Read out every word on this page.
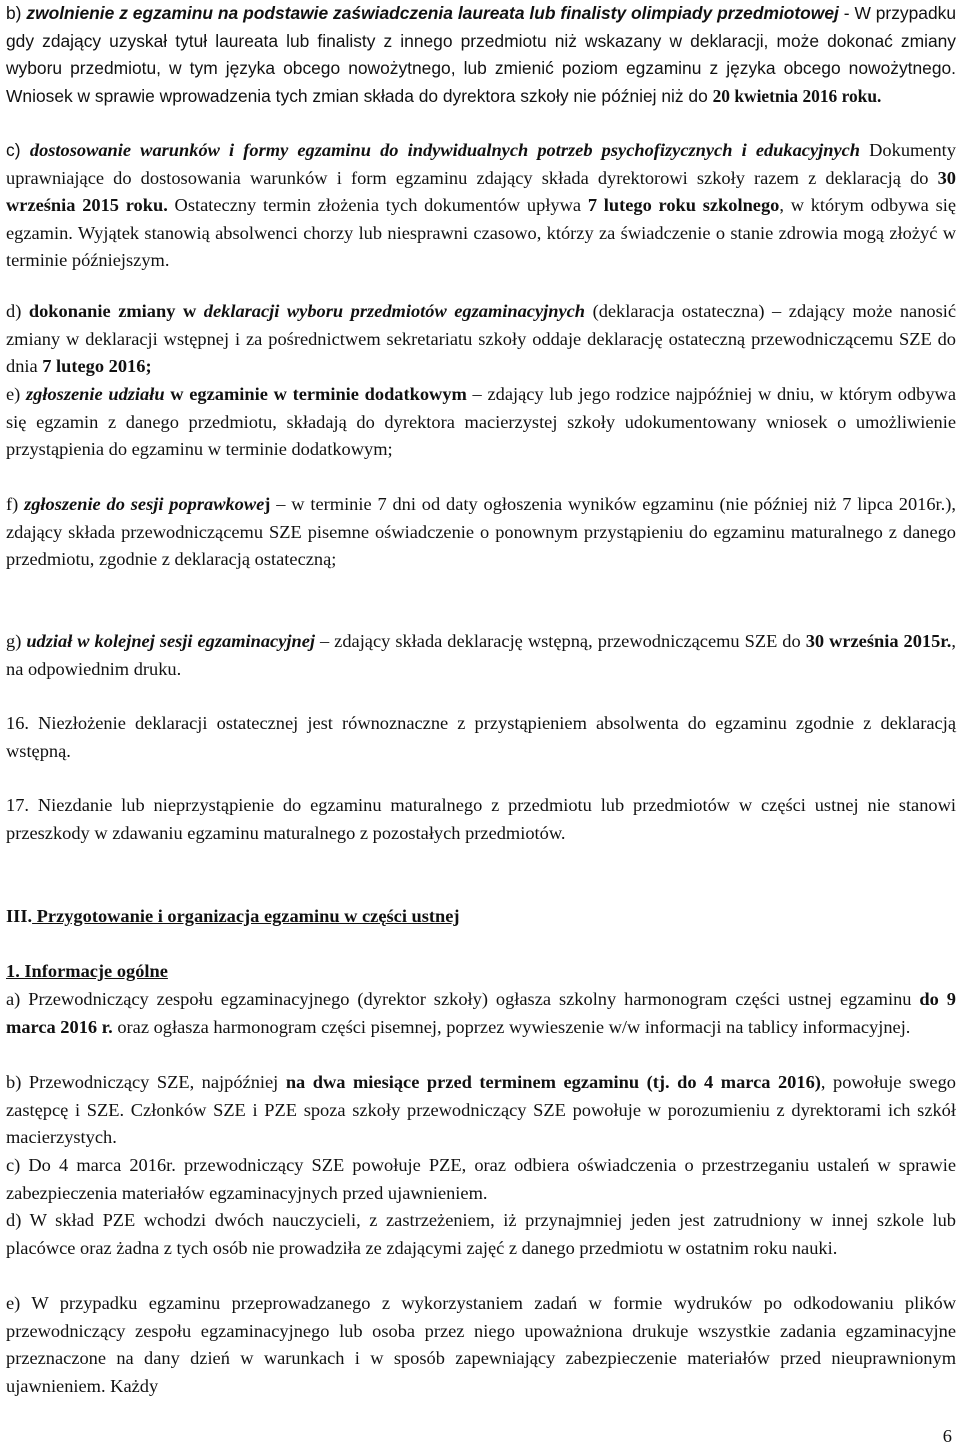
b) zwolnienie z egzaminu na podstawie zaświadczenia laureata lub finalisty olimpiady przedmiotowej - W przypadku gdy zdający uzyskał tytuł laureata lub finalisty z innego przedmiotu niż wskazany w deklaracji, może dokonać zmiany wyboru przedmiotu, w tym języka obcego nowożytnego, lub zmienić poziom egzaminu z języka obcego nowożytnego. Wniosek w sprawie wprowadzenia tych zmian składa do dyrektora szkoły nie później niż do 20 kwietnia 2016 roku.

c) dostosowanie warunków i formy egzaminu do indywidualnych potrzeb psychofizycznych i edukacyjnych Dokumenty uprawniające do dostosowania warunków i form egzaminu zdający składa dyrektorowi szkoły razem z deklaracją do 30 września 2015 roku. Ostateczny termin złożenia tych dokumentów upływa 7 lutego roku szkolnego, w którym odbywa się egzamin. Wyjątek stanowią absolwenci chorzy lub niesprawni czasowo, którzy za świadczenie o stanie zdrowia mogą złożyć w terminie późniejszym.

d) dokonanie zmiany w deklaracji wyboru przedmiotów egzaminacyjnych (deklaracja ostateczna) – zdający może nanosić zmiany w deklaracji wstępnej i za pośrednictwem sekretariatu szkoły oddaje deklarację ostateczną przewodniczącemu SZE do dnia 7 lutego 2016;

e) zgłoszenie udziału w egzaminie w terminie dodatkowym – zdający lub jego rodzice najpóźniej w dniu, w którym odbywa się egzamin z danego przedmiotu, składają do dyrektora macierzystej szkoły udokumentowany wniosek o umożliwienie przystąpienia do egzaminu w terminie dodatkowym;

f) zgłoszenie do sesji poprawkowej – w terminie 7 dni od daty ogłoszenia wyników egzaminu (nie później niż 7 lipca 2016r.), zdający składa przewodniczącemu SZE pisemne oświadczenie o ponownym przystąpieniu do egzaminu maturalnego z danego przedmiotu, zgodnie z deklaracją ostateczną;

g) udział w kolejnej sesji egzaminacyjnej – zdający składa deklarację wstępną, przewodniczącemu SZE do 30 września 2015r., na odpowiednim druku.

16. Niezłożenie deklaracji ostatecznej jest równoznaczne z przystąpieniem absolwenta do egzaminu zgodnie z deklaracją wstępną.

17. Niezdanie lub nieprzystąpienie do egzaminu maturalnego z przedmiotu lub przedmiotów w części ustnej nie stanowi przeszkody w zdawaniu egzaminu maturalnego z pozostałych przedmiotów.

III. Przygotowanie i organizacja egzaminu w części ustnej

1. Informacje ogólne

a) Przewodniczący zespołu egzaminacyjnego (dyrektor szkoły) ogłasza szkolny harmonogram części ustnej egzaminu do 9 marca 2016 r. oraz ogłasza harmonogram części pisemnej, poprzez wywieszenie w/w informacji na tablicy informacyjnej.

b) Przewodniczący SZE, najpóźniej na dwa miesiące przed terminem egzaminu (tj. do 4 marca 2016), powołuje swego zastępcę i SZE. Członków SZE i PZE spoza szkoły przewodniczący SZE powołuje w porozumieniu z dyrektorami ich szkół macierzystych.

c) Do 4 marca 2016r. przewodniczący SZE powołuje PZE, oraz odbiera oświadczenia o przestrzeganiu ustaleń w sprawie zabezpieczenia materiałów egzaminacyjnych przed ujawnieniem.

d) W skład PZE wchodzi dwóch nauczycieli, z zastrzeżeniem, iż przynajmniej jeden jest zatrudniony w innej szkole lub placówce oraz żadna z tych osób nie prowadziła ze zdającymi zajęć z danego przedmiotu w ostatnim roku nauki.

e) W przypadku egzaminu przeprowadzanego z wykorzystaniem zadań w formie wydruków po odkodowaniu plików przewodniczący zespołu egzaminacyjnego lub osoba przez niego upoważniona drukuje wszystkie zadania egzaminacyjne przeznaczone na dany dzień w warunkach i w sposób zapewniający zabezpieczenie materiałów przed nieuprawnionym ujawnieniem. Każdy

6
